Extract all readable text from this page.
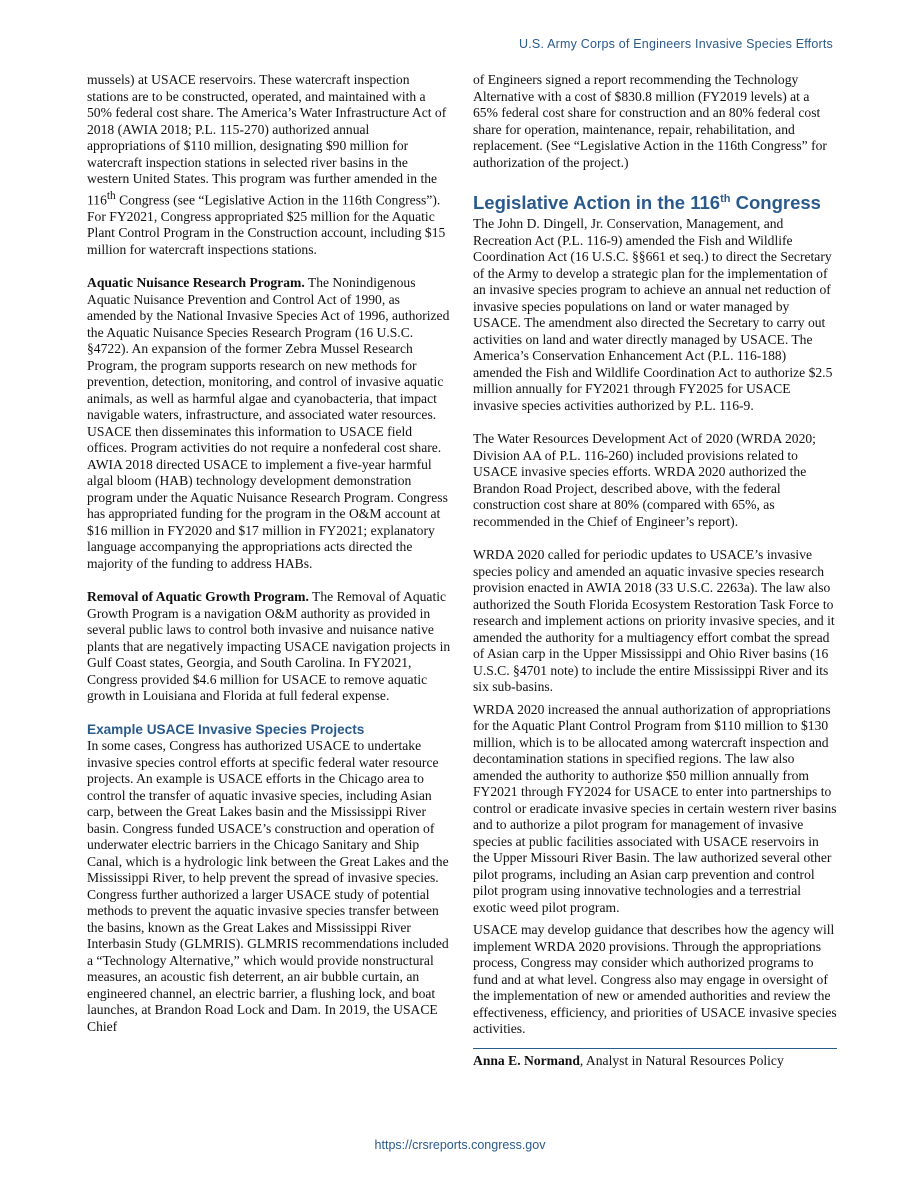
U.S. Army Corps of Engineers Invasive Species Efforts

mussels) at USACE reservoirs. These watercraft inspection stations are to be constructed, operated, and maintained with a 50% federal cost share. The America’s Water Infrastructure Act of 2018 (AWIA 2018; P.L. 115-270) authorized annual appropriations of $110 million, designating $90 million for watercraft inspection stations in selected river basins in the western United States. This program was further amended in the 116th Congress (see “Legislative Action in the 116th Congress”). For FY2021, Congress appropriated $25 million for the Aquatic Plant Control Program in the Construction account, including $15 million for watercraft inspections stations.

Aquatic Nuisance Research Program. The Nonindigenous Aquatic Nuisance Prevention and Control Act of 1990, as amended by the National Invasive Species Act of 1996, authorized the Aquatic Nuisance Species Research Program (16 U.S.C. §4722). An expansion of the former Zebra Mussel Research Program, the program supports research on new methods for prevention, detection, monitoring, and control of invasive aquatic animals, as well as harmful algae and cyanobacteria, that impact navigable waters, infrastructure, and associated water resources. USACE then disseminates this information to USACE field offices. Program activities do not require a nonfederal cost share. AWIA 2018 directed USACE to implement a five-year harmful algal bloom (HAB) technology development demonstration program under the Aquatic Nuisance Research Program. Congress has appropriated funding for the program in the O&M account at $16 million in FY2020 and $17 million in FY2021; explanatory language accompanying the appropriations acts directed the majority of the funding to address HABs.

Removal of Aquatic Growth Program. The Removal of Aquatic Growth Program is a navigation O&M authority as provided in several public laws to control both invasive and nuisance native plants that are negatively impacting USACE navigation projects in Gulf Coast states, Georgia, and South Carolina. In FY2021, Congress provided $4.6 million for USACE to remove aquatic growth in Louisiana and Florida at full federal expense.

Example USACE Invasive Species Projects

In some cases, Congress has authorized USACE to undertake invasive species control efforts at specific federal water resource projects. An example is USACE efforts in the Chicago area to control the transfer of aquatic invasive species, including Asian carp, between the Great Lakes basin and the Mississippi River basin. Congress funded USACE’s construction and operation of underwater electric barriers in the Chicago Sanitary and Ship Canal, which is a hydrologic link between the Great Lakes and the Mississippi River, to help prevent the spread of invasive species. Congress further authorized a larger USACE study of potential methods to prevent the aquatic invasive species transfer between the basins, known as the Great Lakes and Mississippi River Interbasin Study (GLMRIS). GLMRIS recommendations included a “Technology Alternative,” which would provide nonstructural measures, an acoustic fish deterrent, an air bubble curtain, an engineered channel, an electric barrier, a flushing lock, and boat launches, at Brandon Road Lock and Dam. In 2019, the USACE Chief

of Engineers signed a report recommending the Technology Alternative with a cost of $830.8 million (FY2019 levels) at a 65% federal cost share for construction and an 80% federal cost share for operation, maintenance, repair, rehabilitation, and replacement. (See “Legislative Action in the 116th Congress” for authorization of the project.)

Legislative Action in the 116th Congress

The John D. Dingell, Jr. Conservation, Management, and Recreation Act (P.L. 116-9) amended the Fish and Wildlife Coordination Act (16 U.S.C. §§661 et seq.) to direct the Secretary of the Army to develop a strategic plan for the implementation of an invasive species program to achieve an annual net reduction of invasive species populations on land or water managed by USACE. The amendment also directed the Secretary to carry out activities on land and water directly managed by USACE. The America’s Conservation Enhancement Act (P.L. 116-188) amended the Fish and Wildlife Coordination Act to authorize $2.5 million annually for FY2021 through FY2025 for USACE invasive species activities authorized by P.L. 116-9.

The Water Resources Development Act of 2020 (WRDA 2020; Division AA of P.L. 116-260) included provisions related to USACE invasive species efforts. WRDA 2020 authorized the Brandon Road Project, described above, with the federal construction cost share at 80% (compared with 65%, as recommended in the Chief of Engineer’s report).

WRDA 2020 called for periodic updates to USACE’s invasive species policy and amended an aquatic invasive species research provision enacted in AWIA 2018 (33 U.S.C. 2263a). The law also authorized the South Florida Ecosystem Restoration Task Force to research and implement actions on priority invasive species, and it amended the authority for a multiagency effort combat the spread of Asian carp in the Upper Mississippi and Ohio River basins (16 U.S.C. §4701 note) to include the entire Mississippi River and its six sub-basins.

WRDA 2020 increased the annual authorization of appropriations for the Aquatic Plant Control Program from $110 million to $130 million, which is to be allocated among watercraft inspection and decontamination stations in specified regions. The law also amended the authority to authorize $50 million annually from FY2021 through FY2024 for USACE to enter into partnerships to control or eradicate invasive species in certain western river basins and to authorize a pilot program for management of invasive species at public facilities associated with USACE reservoirs in the Upper Missouri River Basin. The law authorized several other pilot programs, including an Asian carp prevention and control pilot program using innovative technologies and a terrestrial exotic weed pilot program.

USACE may develop guidance that describes how the agency will implement WRDA 2020 provisions. Through the appropriations process, Congress may consider which authorized programs to fund and at what level. Congress also may engage in oversight of the implementation of new or amended authorities and review the effectiveness, efficiency, and priorities of USACE invasive species activities.

Anna E. Normand, Analyst in Natural Resources Policy
https://crsreports.congress.gov
